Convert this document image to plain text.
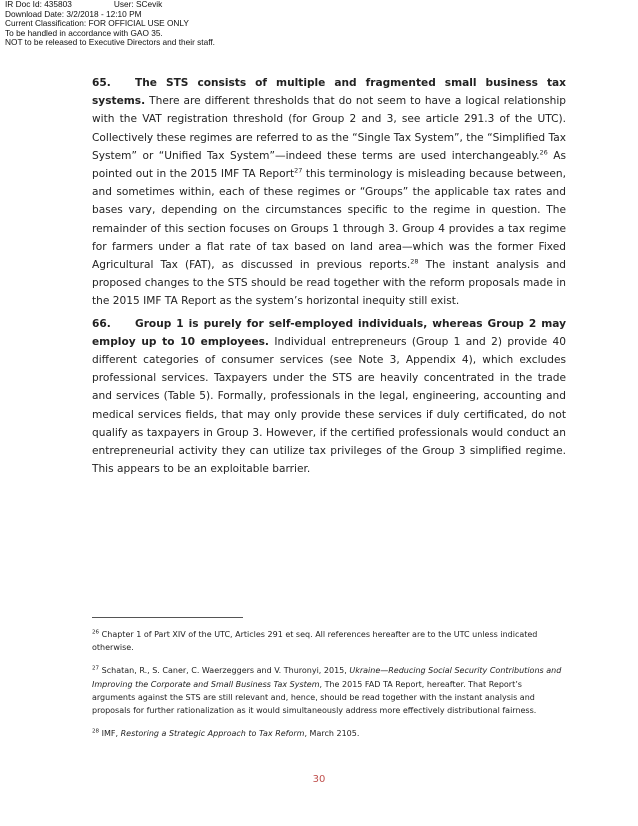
IR Doc Id: 435803	User: SCevik
Download Date: 3/2/2018 - 12:10 PM
Current Classification: FOR OFFICIAL USE ONLY
To be handled in accordance with GAO 35.
NOT to be released to Executive Directors and their staff.

65. The STS consists of multiple and fragmented small business tax systems. There are different thresholds that do not seem to have a logical relationship with the VAT registration threshold (for Group 2 and 3, see article 291.3 of the UTC). Collectively these regimes are referred to as the “Single Tax System”, the “Simplified Tax System” or “Unified Tax System”—indeed these terms are used interchangeably.$^{26}$ As pointed out in the 2015 IMF TA Report$^{27}$ this terminology is misleading because between, and sometimes within, each of these regimes or “Groups” the applicable tax rates and bases vary, depending on the circumstances specific to the regime in question. The remainder of this section focuses on Groups 1 through 3. Group 4 provides a tax regime for farmers under a flat rate of tax based on land area—which was the former Fixed Agricultural Tax (FAT), as discussed in previous reports.$^{28}$ The instant analysis and proposed changes to the STS should be read together with the reform proposals made in the 2015 IMF TA Report as the system’s horizontal inequity still exist.

66. Group 1 is purely for self-employed individuals, whereas Group 2 may employ up to 10 employees. Individual entrepreneurs (Group 1 and 2) provide 40 different categories of consumer services (see Note 3, Appendix 4), which excludes professional services. Taxpayers under the STS are heavily concentrated in the trade and services (Table 5). Formally, professionals in the legal, engineering, accounting and medical services fields, that may only provide these services if duly certificated, do not qualify as taxpayers in Group 3. However, if the certified professionals would conduct an entrepreneurial activity they can utilize tax privileges of the Group 3 simplified regime. This appears to be an exploitable barrier.

$^{26}$ Chapter 1 of Part XIV of the UTC, Articles 291 et seq. All references hereafter are to the UTC unless indicated otherwise.

$^{27}$ Schatan, R., S. Caner, C. Waerzeggers and V. Thuronyi, 2015, Ukraine—Reducing Social Security Contributions and Improving the Corporate and Small Business Tax System, The 2015 FAD TA Report, hereafter. That Report’s arguments against the STS are still relevant and, hence, should be read together with the instant analysis and proposals for further rationalization as it would simultaneously address more effectively distributional fairness.

$^{28}$ IMF, Restoring a Strategic Approach to Tax Reform, March 2105.

30
